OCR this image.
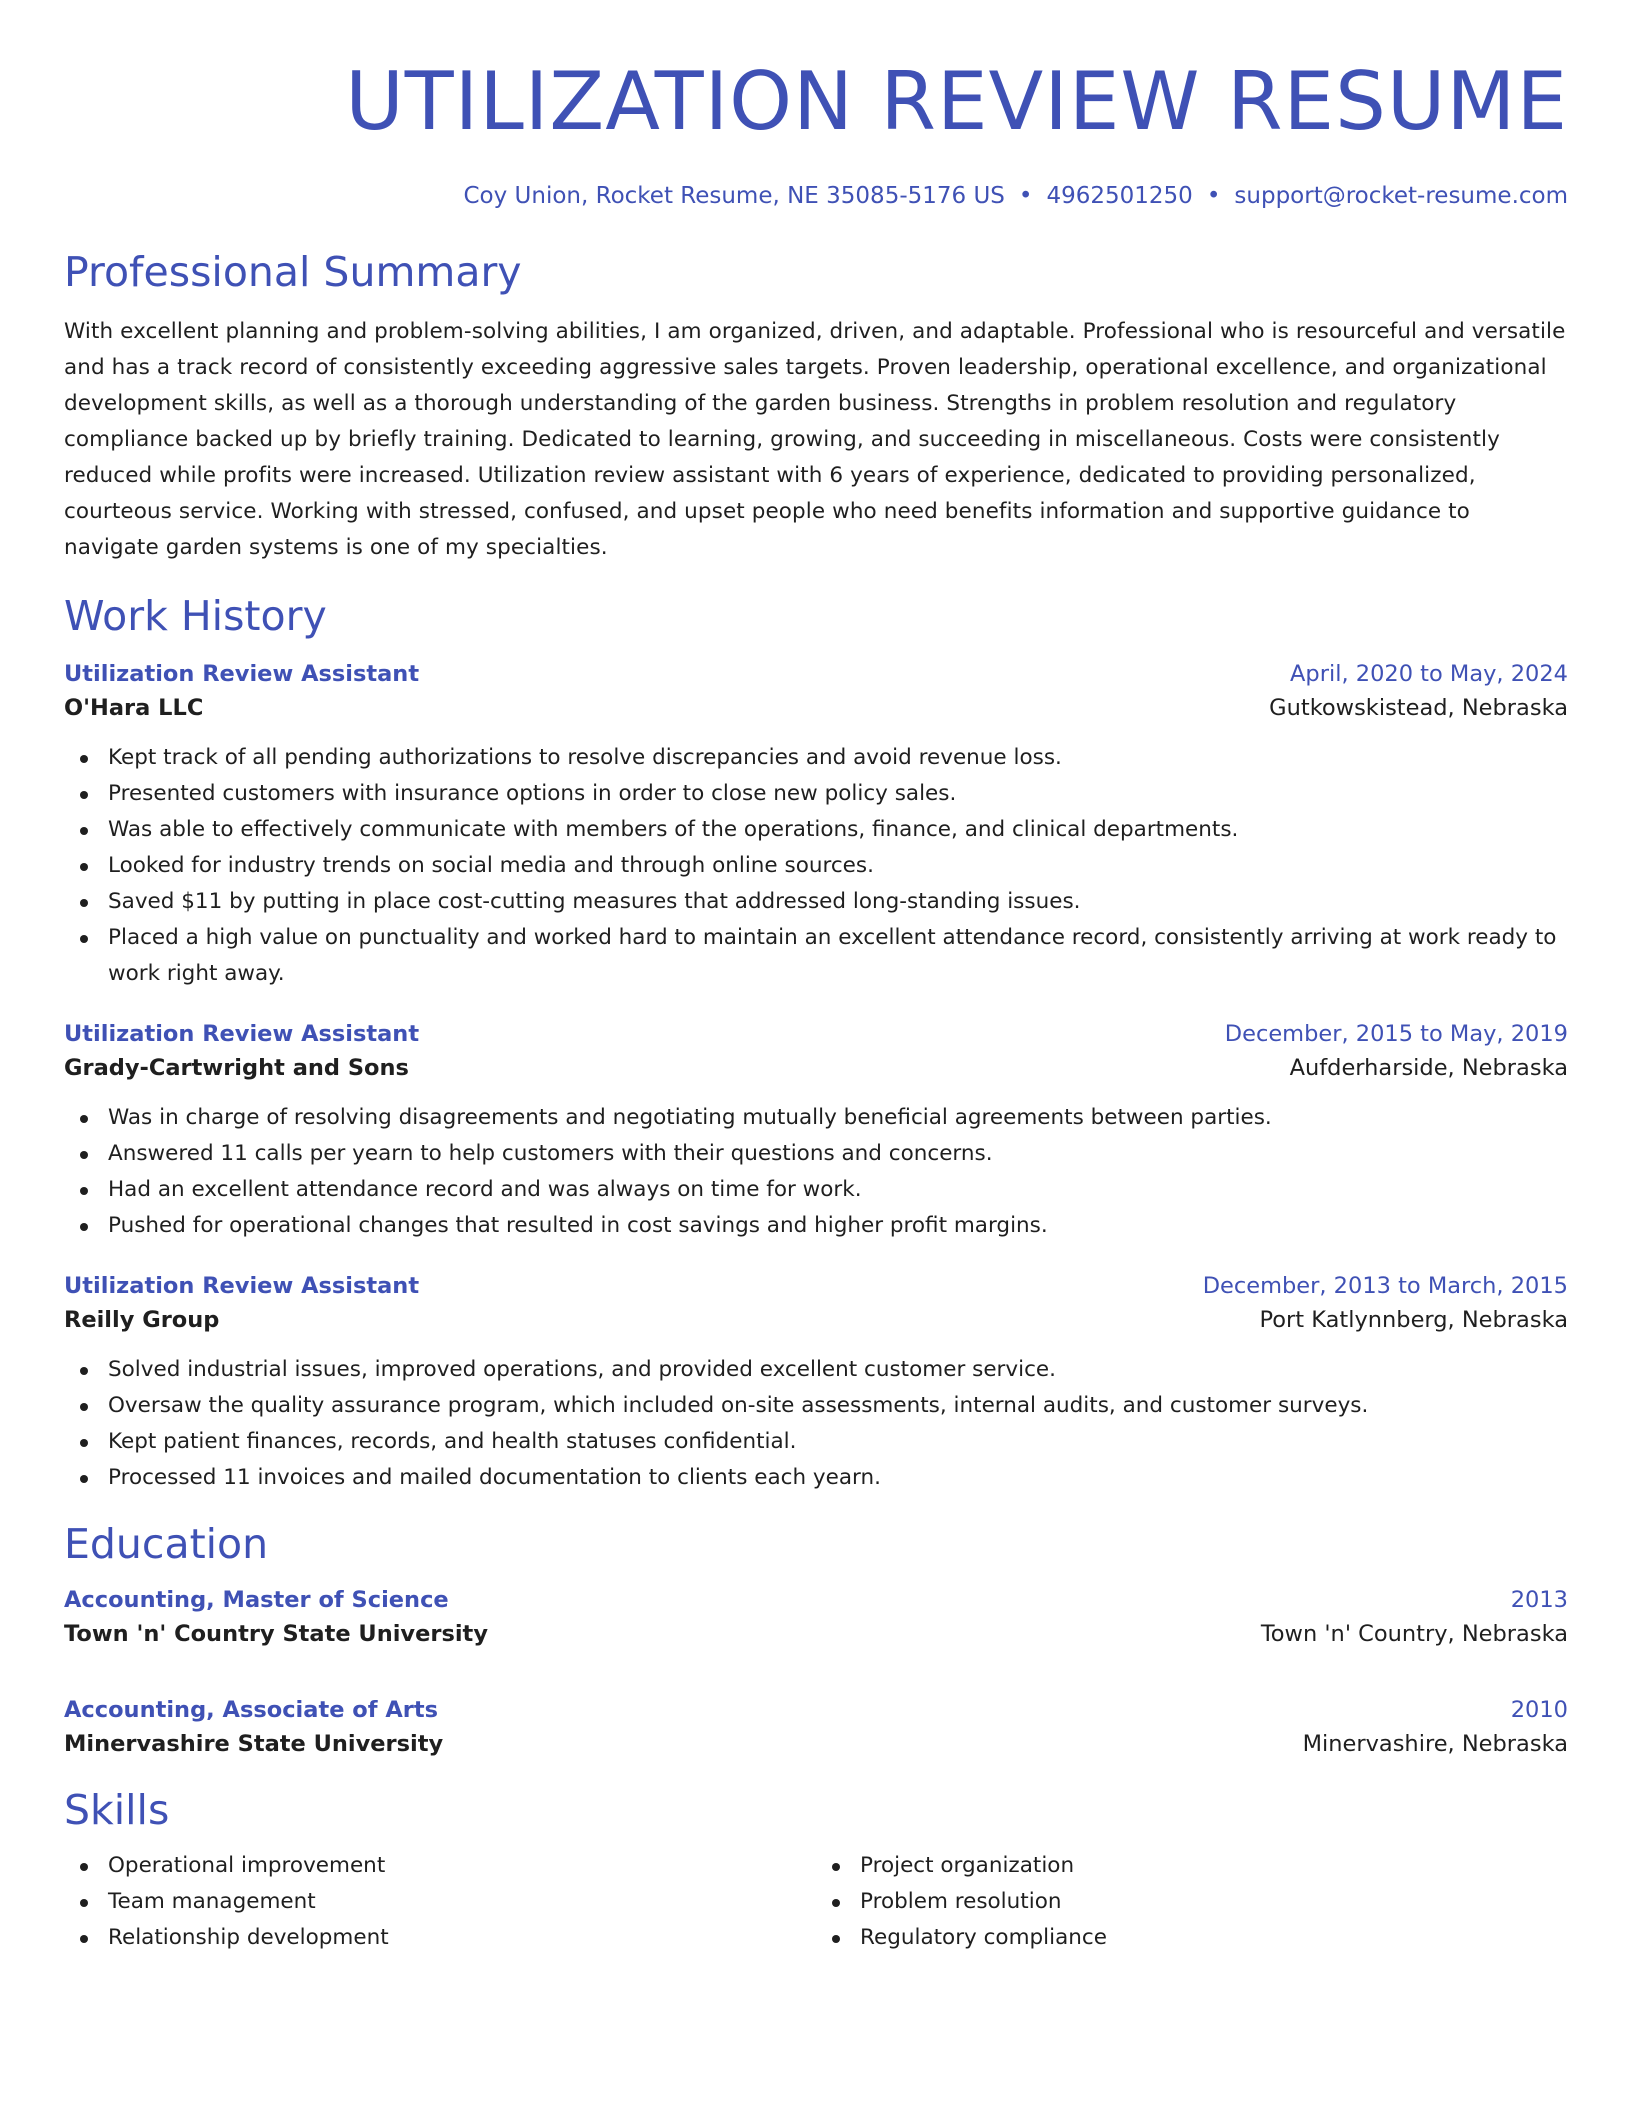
UTILIZATION REVIEW RESUME
Coy Union, Rocket Resume, NE 35085-5176 US • 4962501250 • support@rocket-resume.com
Professional Summary

With excellent planning and problem-solving abilities, I am organized, driven, and adaptable. Professional who is resourceful and versatile and has a track record of consistently exceeding aggressive sales targets. Proven leadership, operational excellence, and organizational development skills, as well as a thorough understanding of the garden business. Strengths in problem resolution and regulatory compliance backed up by briefly training. Dedicated to learning, growing, and succeeding in miscellaneous. Costs were consistently reduced while profits were increased. Utilization review assistant with 6 years of experience, dedicated to providing personalized, courteous service. Working with stressed, confused, and upset people who need benefits information and supportive guidance to navigate garden systems is one of my specialties.

Work History
Utilization Review Assistant	April, 2020 to May, 2024
O'Hara LLC	Gutkowskistead, Nebraska
Kept track of all pending authorizations to resolve discrepancies and avoid revenue loss.
Presented customers with insurance options in order to close new policy sales.
Was able to effectively communicate with members of the operations, finance, and clinical departments.
Looked for industry trends on social media and through online sources.
Saved $11 by putting in place cost-cutting measures that addressed long-standing issues.
Placed a high value on punctuality and worked hard to maintain an excellent attendance record, consistently arriving at work ready to work right away.
Utilization Review Assistant	December, 2015 to May, 2019
Grady-Cartwright and Sons	Aufderharside, Nebraska
Was in charge of resolving disagreements and negotiating mutually beneficial agreements between parties.
Answered 11 calls per yearn to help customers with their questions and concerns.
Had an excellent attendance record and was always on time for work.
Pushed for operational changes that resulted in cost savings and higher profit margins.
Utilization Review Assistant	December, 2013 to March, 2015
Reilly Group	Port Katlynnberg, Nebraska
Solved industrial issues, improved operations, and provided excellent customer service.
Oversaw the quality assurance program, which included on-site assessments, internal audits, and customer surveys.
Kept patient finances, records, and health statuses confidential.
Processed 11 invoices and mailed documentation to clients each yearn.
Education
Accounting, Master of Science	2013
Town 'n' Country State University	Town 'n' Country, Nebraska
Accounting, Associate of Arts	2010
Minervashire State University	Minervashire, Nebraska
Skills
Operational improvement
Team management
Relationship development
Project organization
Problem resolution
Regulatory compliance
